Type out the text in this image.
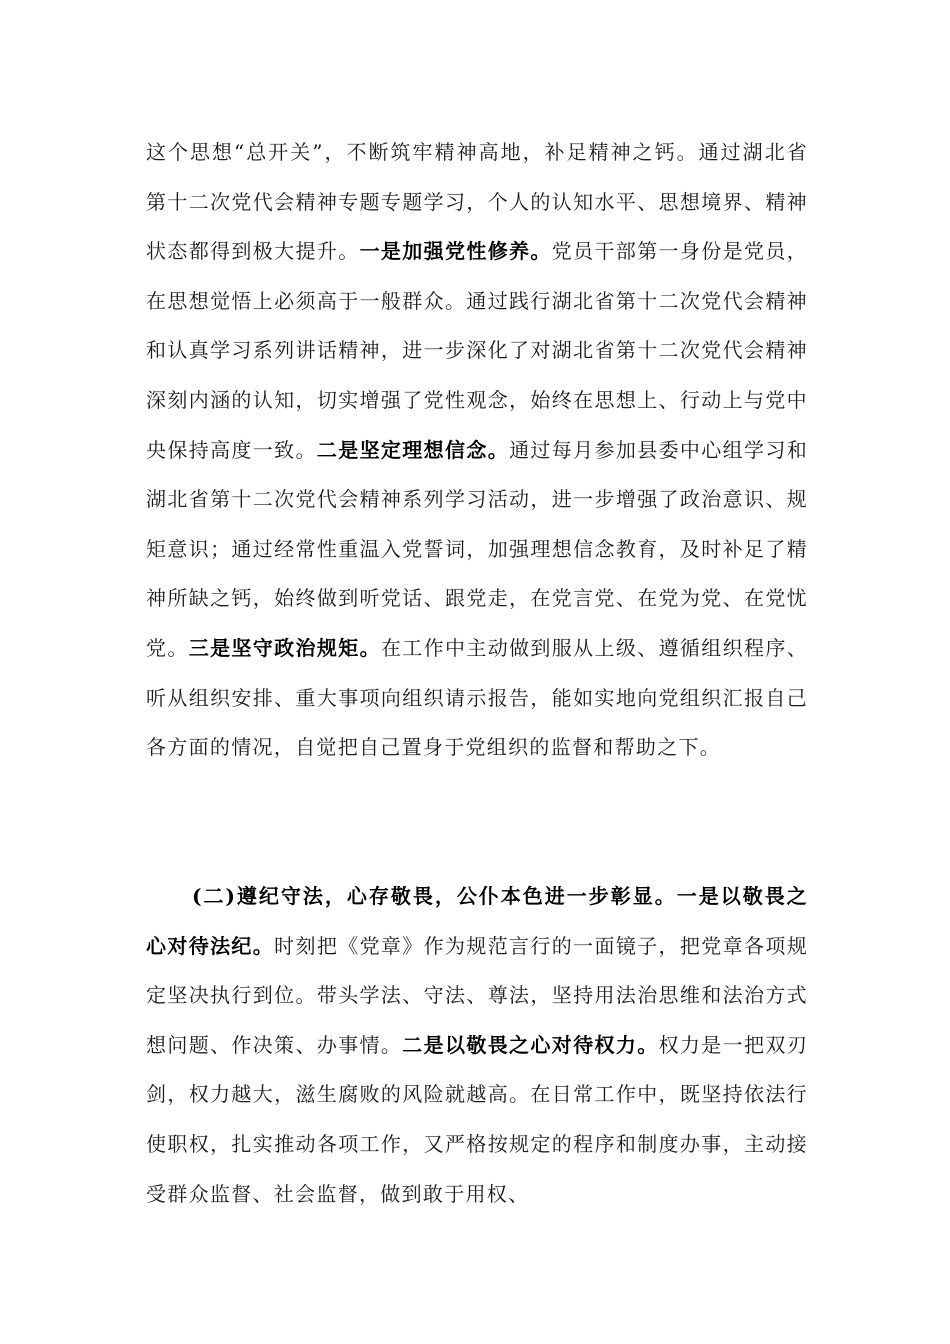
这个思想“总开关”，不断筑牢精神高地，补足精神之钙。通过湖北省第十二次党代会精神专题专题学习，个人的认知水平、思想境界、精神状态都得到极大提升。一是加强党性修养。党员干部第一身份是党员，在思想觉悟上必须高于一般群众。通过践行湖北省第十二次党代会精神和认真学习系列讲话精神，进一步深化了对湖北省第十二次党代会精神深刻内涵的认知，切实增强了党性观念，始终在思想上、行动上与党中央保持高度一致。二是坚定理想信念。通过每月参加县委中心组学习和湖北省第十二次党代会精神系列学习活动，进一步增强了政治意识、规矩意识；通过经常性重温入党誓词，加强理想信念教育，及时补足了精神所缺之钙，始终做到听党话、跟党走，在党言党、在党为党、在党忧党。三是坚守政治规矩。在工作中主动做到服从上级、遵循组织程序、听从组织安排、重大事项向组织请示报告，能如实地向党组织汇报自己各方面的情况，自觉把自己置身于党组织的监督和帮助之下。

(二)遵纪守法，心存敬畏，公仆本色进一步彰显。一是以敬畏之心对待法纪。时刻把《党章》作为规范言行的一面镜子，把党章各项规定坚决执行到位。带头学法、守法、尊法，坚持用法治思维和法治方式想问题、作决策、办事情。二是以敬畏之心对待权力。权力是一把双刃剑，权力越大，滋生腐败的风险就越高。在日常工作中，既坚持依法行使职权，扎实推动各项工作，又严格按规定的程序和制度办事，主动接受群众监督、社会监督，做到敢于用权、
